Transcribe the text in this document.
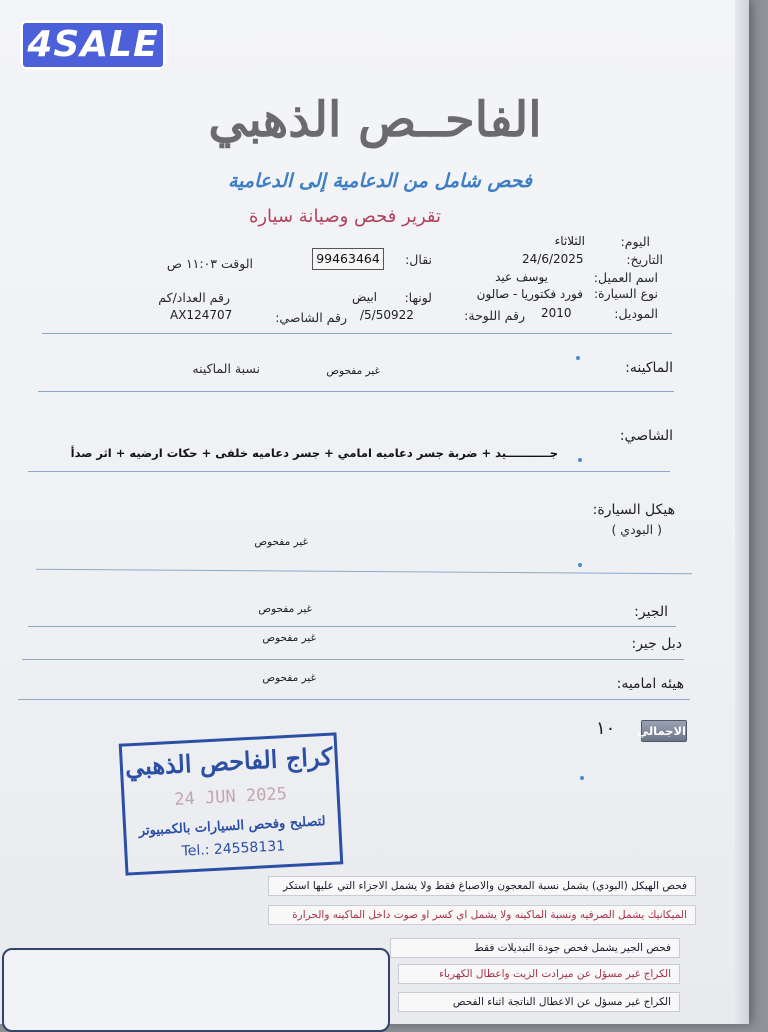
4SALE
الفاحــص الذهبي
فحص شامل من الدعامية إلى الدعامية
تقرير فحص وصيانة سيارة
اليوم:
الثلاثاء
التاريخ:
24/6/2025
نقال:
99463464
الوقت ١١:٠٣ ص
اسم العميل:
يوسف عيد
نوع السيارة:
فورد فكتوريا - صالون
لونها:
ابيض
رقم العداد/كم
الموديل:
2010
رقم اللوحة:
/5/50922
رقم الشاصي:
AX124707
الماكينه:
غير مفحوص
نسبة الماكينه
الشاصي:
جـــــــــــيد + ضربة جسر دعاميه امامي + جسر دعاميه خلفى + حكات ارضيه + اثر صدأ
هيكل السيارة:
( البودي )
غير مفحوص
الجير:
غير مفحوص
دبل جير:
غير مفحوص
هيئه اماميه:
غير مفحوص
الاجمالي
١٠
كراج الفاحص الذهبي
24 JUN 2025
لتصليح وفحص السيارات بالكمبيوتر
Tel.: 24558131
فحص الهيكل (البودي) يشمل نسبة المعجون والاصباغ فقط ولا يشمل الاجزاء التي عليها استكر
الميكانيك يشمل الصرفيه ونسبة الماكينه ولا يشمل اي كسر او صوت داخل الماكينه والحرارة
فحص الجير يشمل فحص جودة التبديلات فقط
الكراج غير مسؤل عن ميرادت الزيت واعطال الكهرباء
الكراج غير مسؤل عن الاعطال الناتجة اثناء الفحص
